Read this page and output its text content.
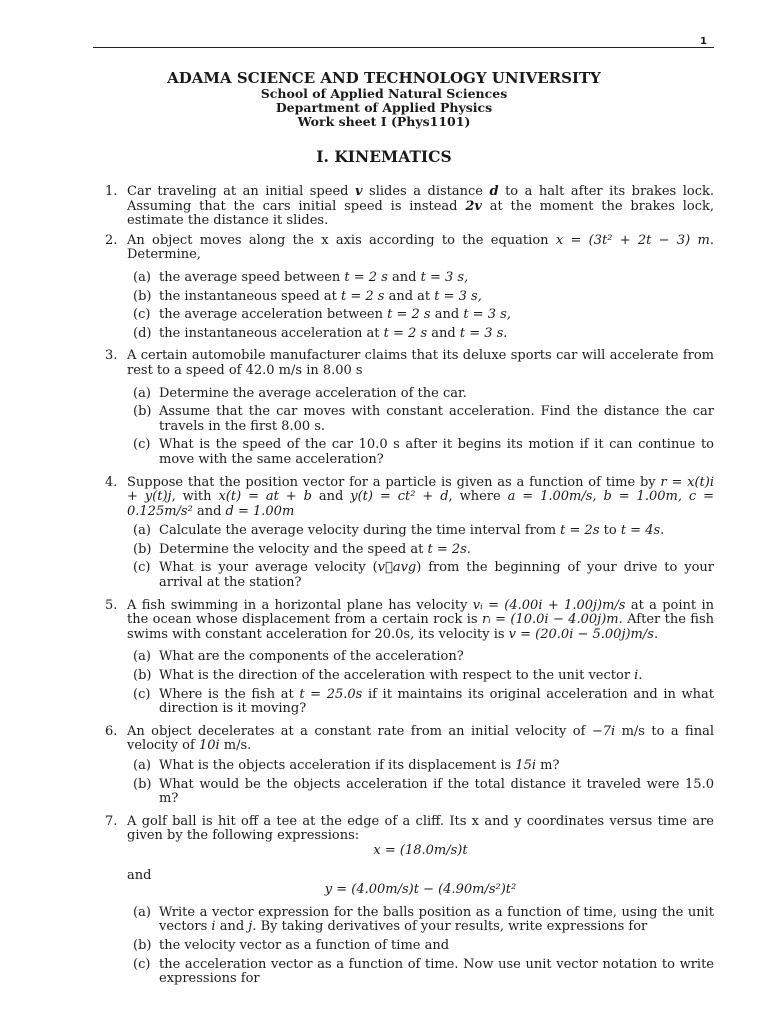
1
ADAMA SCIENCE AND TECHNOLOGY UNIVERSITY
School of Applied Natural Sciences
Department of Applied Physics
Work sheet I (Phys1101)
I. KINEMATICS
1. Car traveling at an initial speed v slides a distance d to a halt after its brakes lock. Assuming that the cars initial speed is instead 2v at the moment the brakes lock, estimate the distance it slides.
2. An object moves along the x axis according to the equation x = (3t² + 2t − 3) m. Determine,
(a) the average speed between t = 2 s and t = 3 s,
(b) the instantaneous speed at t = 2 s and at t = 3 s,
(c) the average acceleration between t = 2 s and t = 3 s,
(d) the instantaneous acceleration at t = 2 s and t = 3 s.
3. A certain automobile manufacturer claims that its deluxe sports car will accelerate from rest to a speed of 42.0 m/s in 8.00 s
(a) Determine the average acceleration of the car.
(b) Assume that the car moves with constant acceleration. Find the distance the car travels in the first 8.00 s.
(c) What is the speed of the car 10.0 s after it begins its motion if it can continue to move with the same acceleration?
4. Suppose that the position vector for a particle is given as a function of time by r = x(t)i + y(t)j, with x(t) = at + b and y(t) = ct² + d, where a = 1.00m/s, b = 1.00m, c = 0.125m/s² and d = 1.00m
(a) Calculate the average velocity during the time interval from t = 2s to t = 4s.
(b) Determine the velocity and the speed at t = 2s.
(c) What is your average velocity (v⃗avg) from the beginning of your drive to your arrival at the station?
5. A fish swimming in a horizontal plane has velocity vᵢ = (4.00i + 1.00j)m/s at a point in the ocean whose displacement from a certain rock is rᵢ = (10.0i − 4.00j)m. After the fish swims with constant acceleration for 20.0s, its velocity is v = (20.0i − 5.00j)m/s.
(a) What are the components of the acceleration?
(b) What is the direction of the acceleration with respect to the unit vector i.
(c) Where is the fish at t = 25.0s if it maintains its original acceleration and in what direction is it moving?
6. An object decelerates at a constant rate from an initial velocity of −7i m/s to a final velocity of 10i m/s.
(a) What is the objects acceleration if its displacement is 15i m?
(b) What would be the objects acceleration if the total distance it traveled were 15.0 m?
7. A golf ball is hit off a tee at the edge of a cliff. Its x and y coordinates versus time are given by the following expressions:
x = (18.0m/s)t
and
y = (4.00m/s)t − (4.90m/s²)t²
(a) Write a vector expression for the balls position as a function of time, using the unit vectors i and j. By taking derivatives of your results, write expressions for
(b) the velocity vector as a function of time and
(c) the acceleration vector as a function of time. Now use unit vector notation to write expressions for
